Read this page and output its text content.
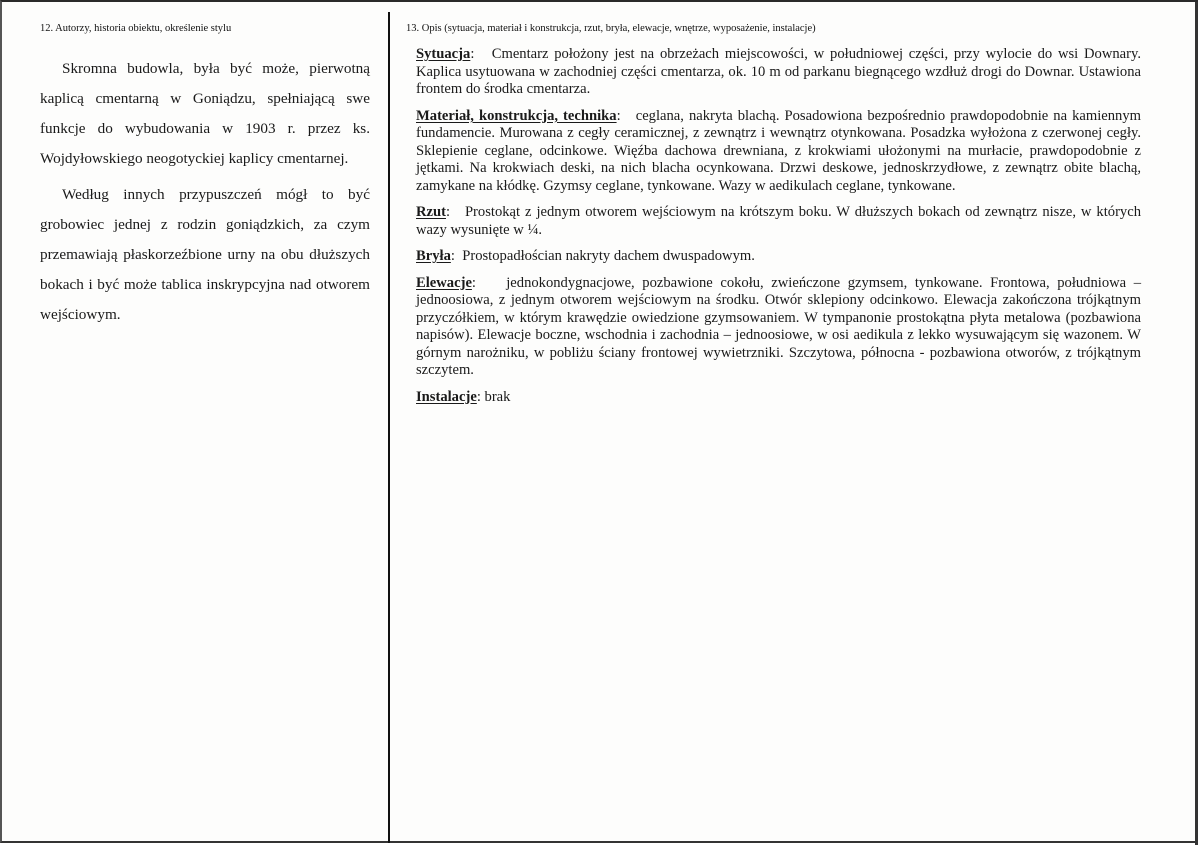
12. Autorzy, historia obiektu, określenie stylu

Skromna budowla, była być może, pierwotną kaplicą cmentarną w Goniądzu, spełniającą swe funkcje do wybudowania w 1903 r. przez ks. Wojdyłowskiego neogotyckiej kaplicy cmentarnej.

Według innych przypuszczeń mógł to być grobowiec jednej z rodzin goniądzkich, za czym przemawiają płaskorzeźbione urny na obu dłuższych bokach i być może tablica inskrypcyjna nad otworem wejściowym.

13. Opis (sytuacja, materiał i konstrukcja, rzut, bryła, elewacje, wnętrze, wyposażenie, instalacje)

Sytuacja:   Cmentarz położony jest na obrzeżach miejscowości, w południowej części, przy wylocie do wsi Downary. Kaplica usytuowana w zachodniej części cmentarza, ok. 10 m od parkanu biegnącego wzdłuż drogi do Downar. Ustawiona frontem do środka cmentarza.

Materiał, konstrukcja, technika:   ceglana, nakryta blachą. Posadowiona bezpośrednio prawdopodobnie na kamiennym fundamencie. Murowana z cegły ceramicznej, z zewnątrz i wewnątrz otynkowana. Posadzka wyłożona z czerwonej cegły. Sklepienie ceglane, odcinkowe. Więźba dachowa drewniana, z krokwiami ułożonymi na murłacie, prawdopodobnie z jętkami. Na krokwiach deski, na nich blacha ocynkowana. Drzwi deskowe, jednoskrzydłowe, z zewnątrz obite blachą, zamykane na kłódkę. Gzymsy ceglane, tynkowane. Wazy w aedikulach ceglane, tynkowane.

Rzut:   Prostokąt z jednym otworem wejściowym na krótszym boku. W dłuższych bokach od zewnątrz nisze, w których wazy wysunięte w ¼.

Bryła:  Prostopadłościan nakryty dachem dwuspadowym.

Elewacje:    jednokondygnacjowe, pozbawione cokołu, zwieńczone gzymsem, tynkowane. Frontowa, południowa – jednoosiowa, z jednym otworem wejściowym na środku. Otwór sklepiony odcinkowo. Elewacja zakończona trójkątnym przyczółkiem, w którym krawędzie owiedzione gzymsowaniem. W tympanonie prostokątna płyta metalowa (pozbawiona napisów). Elewacje boczne, wschodnia i zachodnia – jednoosiowe, w osi aedikula z lekko wysuwającym się wazonem. W górnym narożniku, w pobliżu ściany frontowej wywietrzniki. Szczytowa, północna - pozbawiona otworów, z trójkątnym szczytem.

Instalacje: brak
